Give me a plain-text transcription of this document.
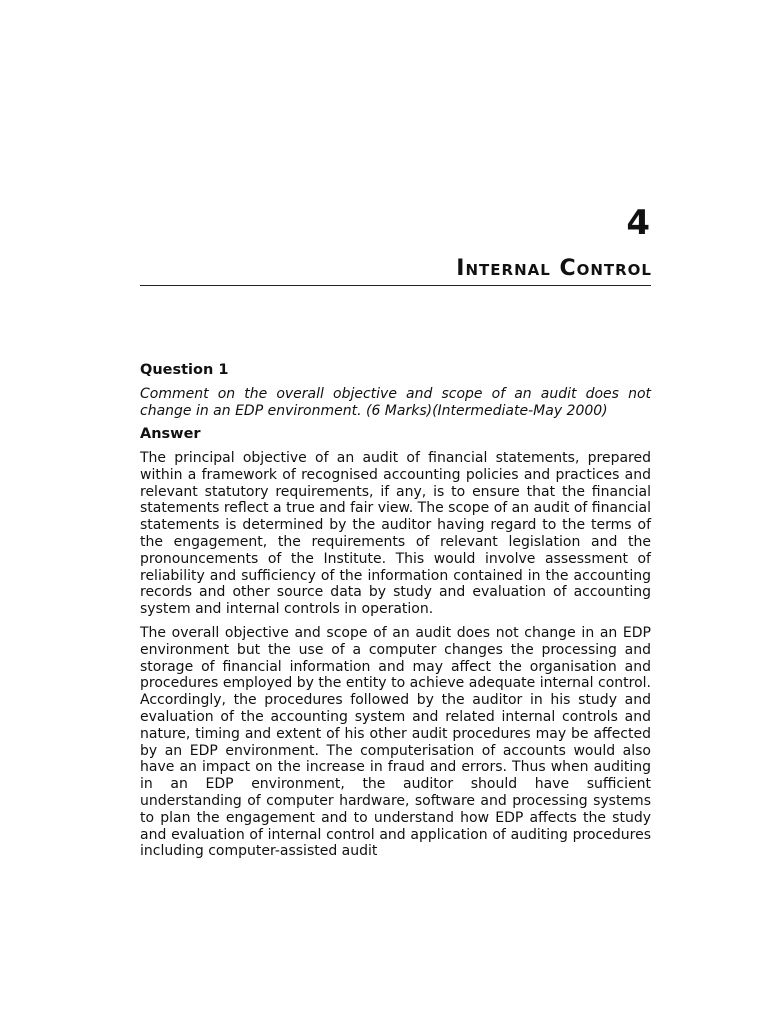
4
Internal Control
Question 1

Comment on the overall objective and scope of an audit does not change in an EDP environment. (6 Marks)(Intermediate-May 2000)

Answer

The principal objective of an audit of financial statements, prepared within a framework of recognised accounting policies and practices and relevant statutory requirements, if any, is to ensure that the financial statements reflect a true and fair view. The scope of an audit of financial statements is determined by the auditor having regard to the terms of the engagement, the requirements of relevant legislation and the pronouncements of the Institute. This would involve assessment of reliability and sufficiency of the information contained in the accounting records and other source data by study and evaluation of accounting system and internal controls in operation.

The overall objective and scope of an audit does not change in an EDP environment but the use of a computer changes the processing and storage of financial information and may affect the organisation and procedures employed by the entity to achieve adequate internal control. Accordingly, the procedures followed by the auditor in his study and evaluation of the accounting system and related internal controls and nature, timing and extent of his other audit procedures may be affected by an EDP environment. The computerisation of accounts would also have an impact on the increase in fraud and errors. Thus when auditing in an EDP environment, the auditor should have sufficient understanding of computer hardware, software and processing systems to plan the engagement and to understand how EDP affects the study and evaluation of internal control and application of auditing procedures including computer-assisted audit
